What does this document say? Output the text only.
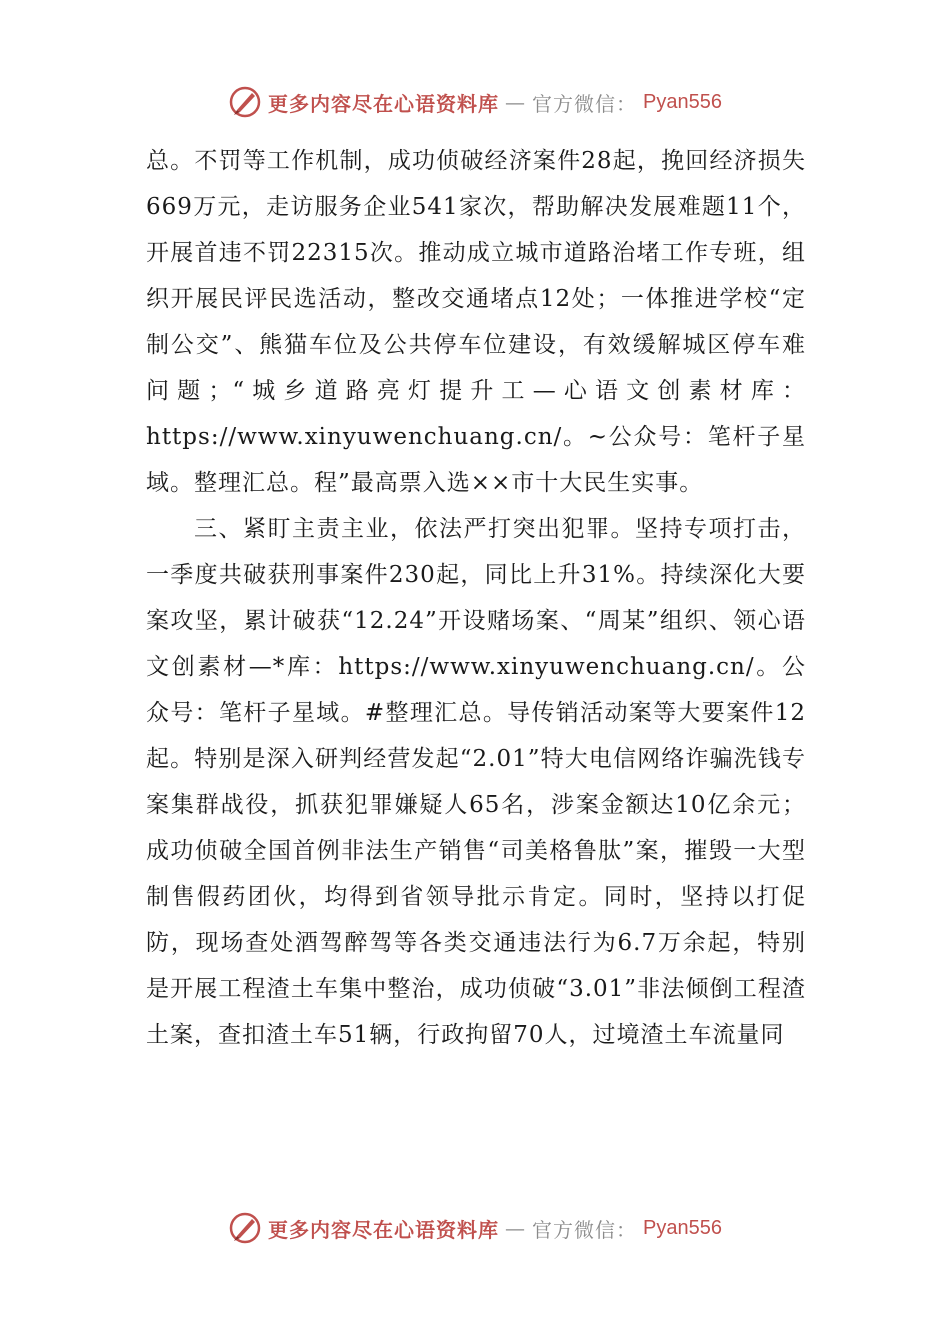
更多内容尽在心语资料库 — 官方微信： Pyan556

总。不罚等工作机制，成功侦破经济案件28起，挽回经济损失669万元，走访服务企业541家次，帮助解决发展难题11个，开展首违不罚22315次。推动成立城市道路治堵工作专班，组织开展民评民选活动，整改交通堵点12处；一体推进学校“定制公交”、熊猫车位及公共停车位建设，有效缓解城区停车难问题；“城乡道路亮灯提升工—心语文创素材库：https://www.xinyuwenchuang.cn/。~公众号：笔杆子星域。整理汇总。程”最高票入选××市十大民生实事。

三、紧盯主责主业，依法严打突出犯罪。坚持专项打击，一季度共破获刑事案件230起，同比上升31%。持续深化大要案攻坚，累计破获“12.24”开设赌场案、“周某”组织、领心语文创素材—*库：https://www.xinyuwenchuang.cn/。公众号：笔杆子星域。#整理汇总。导传销活动案等大要案件12起。特别是深入研判经营发起“2.01”特大电信网络诈骗洗钱专案集群战役，抓获犯罪嫌疑人65名，涉案金额达10亿余元；成功侦破全国首例非法生产销售“司美格鲁肽”案，摧毁一大型制售假药团伙，均得到省领导批示肯定。同时，坚持以打促防，现场查处酒驾醉驾等各类交通违法行为6.7万余起，特别是开展工程渣土车集中整治，成功侦破“3.01”非法倾倒工程渣土案，查扣渣土车51辆，行政拘留70人，过境渣土车流量同

更多内容尽在心语资料库 — 官方微信： Pyan556
